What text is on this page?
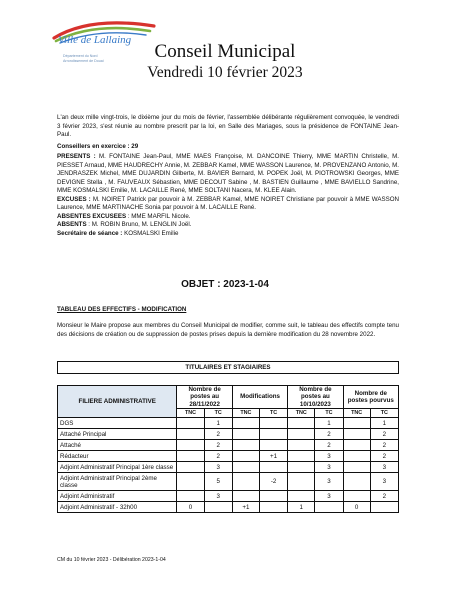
Ville de Lallaing
Département du Nord
Arrondissement de Douai	Conseil Municipal
Vendredi 10 février 2023
L'an deux mille vingt-trois, le dixième jour du mois de février, l'assemblée délibérante régulièrement convoquée, le vendredi 3 février 2023, s'est réunie au nombre prescrit par la loi, en Salle des Mariages, sous la présidence de FONTAINE Jean-Paul.
Conseillers en exercice : 29
PRESENTS : M. FONTAINE Jean-Paul, MME MAES Françoise, M. DANCOINE Thierry, MME MARTIN Christelle, M. PIESSET Arnaud, MME HAUDRECHY Annie, M. ZEBBAR Kamel, MME WASSON Laurence, M. PROVENZANO Antonio, M. JENDRASZEK Michel, MME DUJARDIN Gilberte, M. BAVIER Bernard, M. POPEK Joël, M. PIOTROWSKI Georges, MME DEVIGNE Stella , M. FAUVEAUX Sébastien, MME DECOUT Sabine , M. BASTIEN Guillaume , MME BAVIELLO Sandrine, MME KOSMALSKI Emilie, M. LACAILLE René, MME SOLTANI Nacera, M. KLEE Alain.
EXCUSES : M. NOIRET Patrick par pouvoir à M. ZEBBAR Kamel, MME NOIRET Christiane par pouvoir à MME WASSON Laurence, MME MARTINACHE Sonia par pouvoir à M. LACAILLE René.
ABSENTES EXCUSEES : MME MARFIL Nicole.
ABSENTS : M. ROBIN Bruno, M. LENGLIN Joël.
Secrétaire de séance : KOSMALSKI Emilie
OBJET : 2023-1-04
TABLEAU DES EFFECTIFS - MODIFICATION
Monsieur le Maire propose aux membres du Conseil Municipal de modifier, comme suit, le tableau des effectifs compte tenu des décisions de création ou de suppression de postes prises depuis la dernière modification du 28 novembre 2022.
TITULAIRES ET STAGIAIRES
FILIERE ADMINISTRATIVE	Nombre de postes au 28/11/2022		Modifications		Nombre de postes au 10/10/2023		Nombre de postes pourvus	
	TNC	TC	TNC	TC	TNC	TC	TNC	TC
DGS		1				1		1
Attaché Principal		2				2		2
Attaché		2				2		2
Rédacteur		2		+1		3		2
Adjoint Administratif Principal 1ère classe		3				3		3
Adjoint Administratif Principal 2ème classe		5		-2		3		3
Adjoint Administratif		3				3		2
Adjoint Administratif - 32h00	0		+1		1		0	
CM du 10 février 2023 - Délibération 2023-1-04
